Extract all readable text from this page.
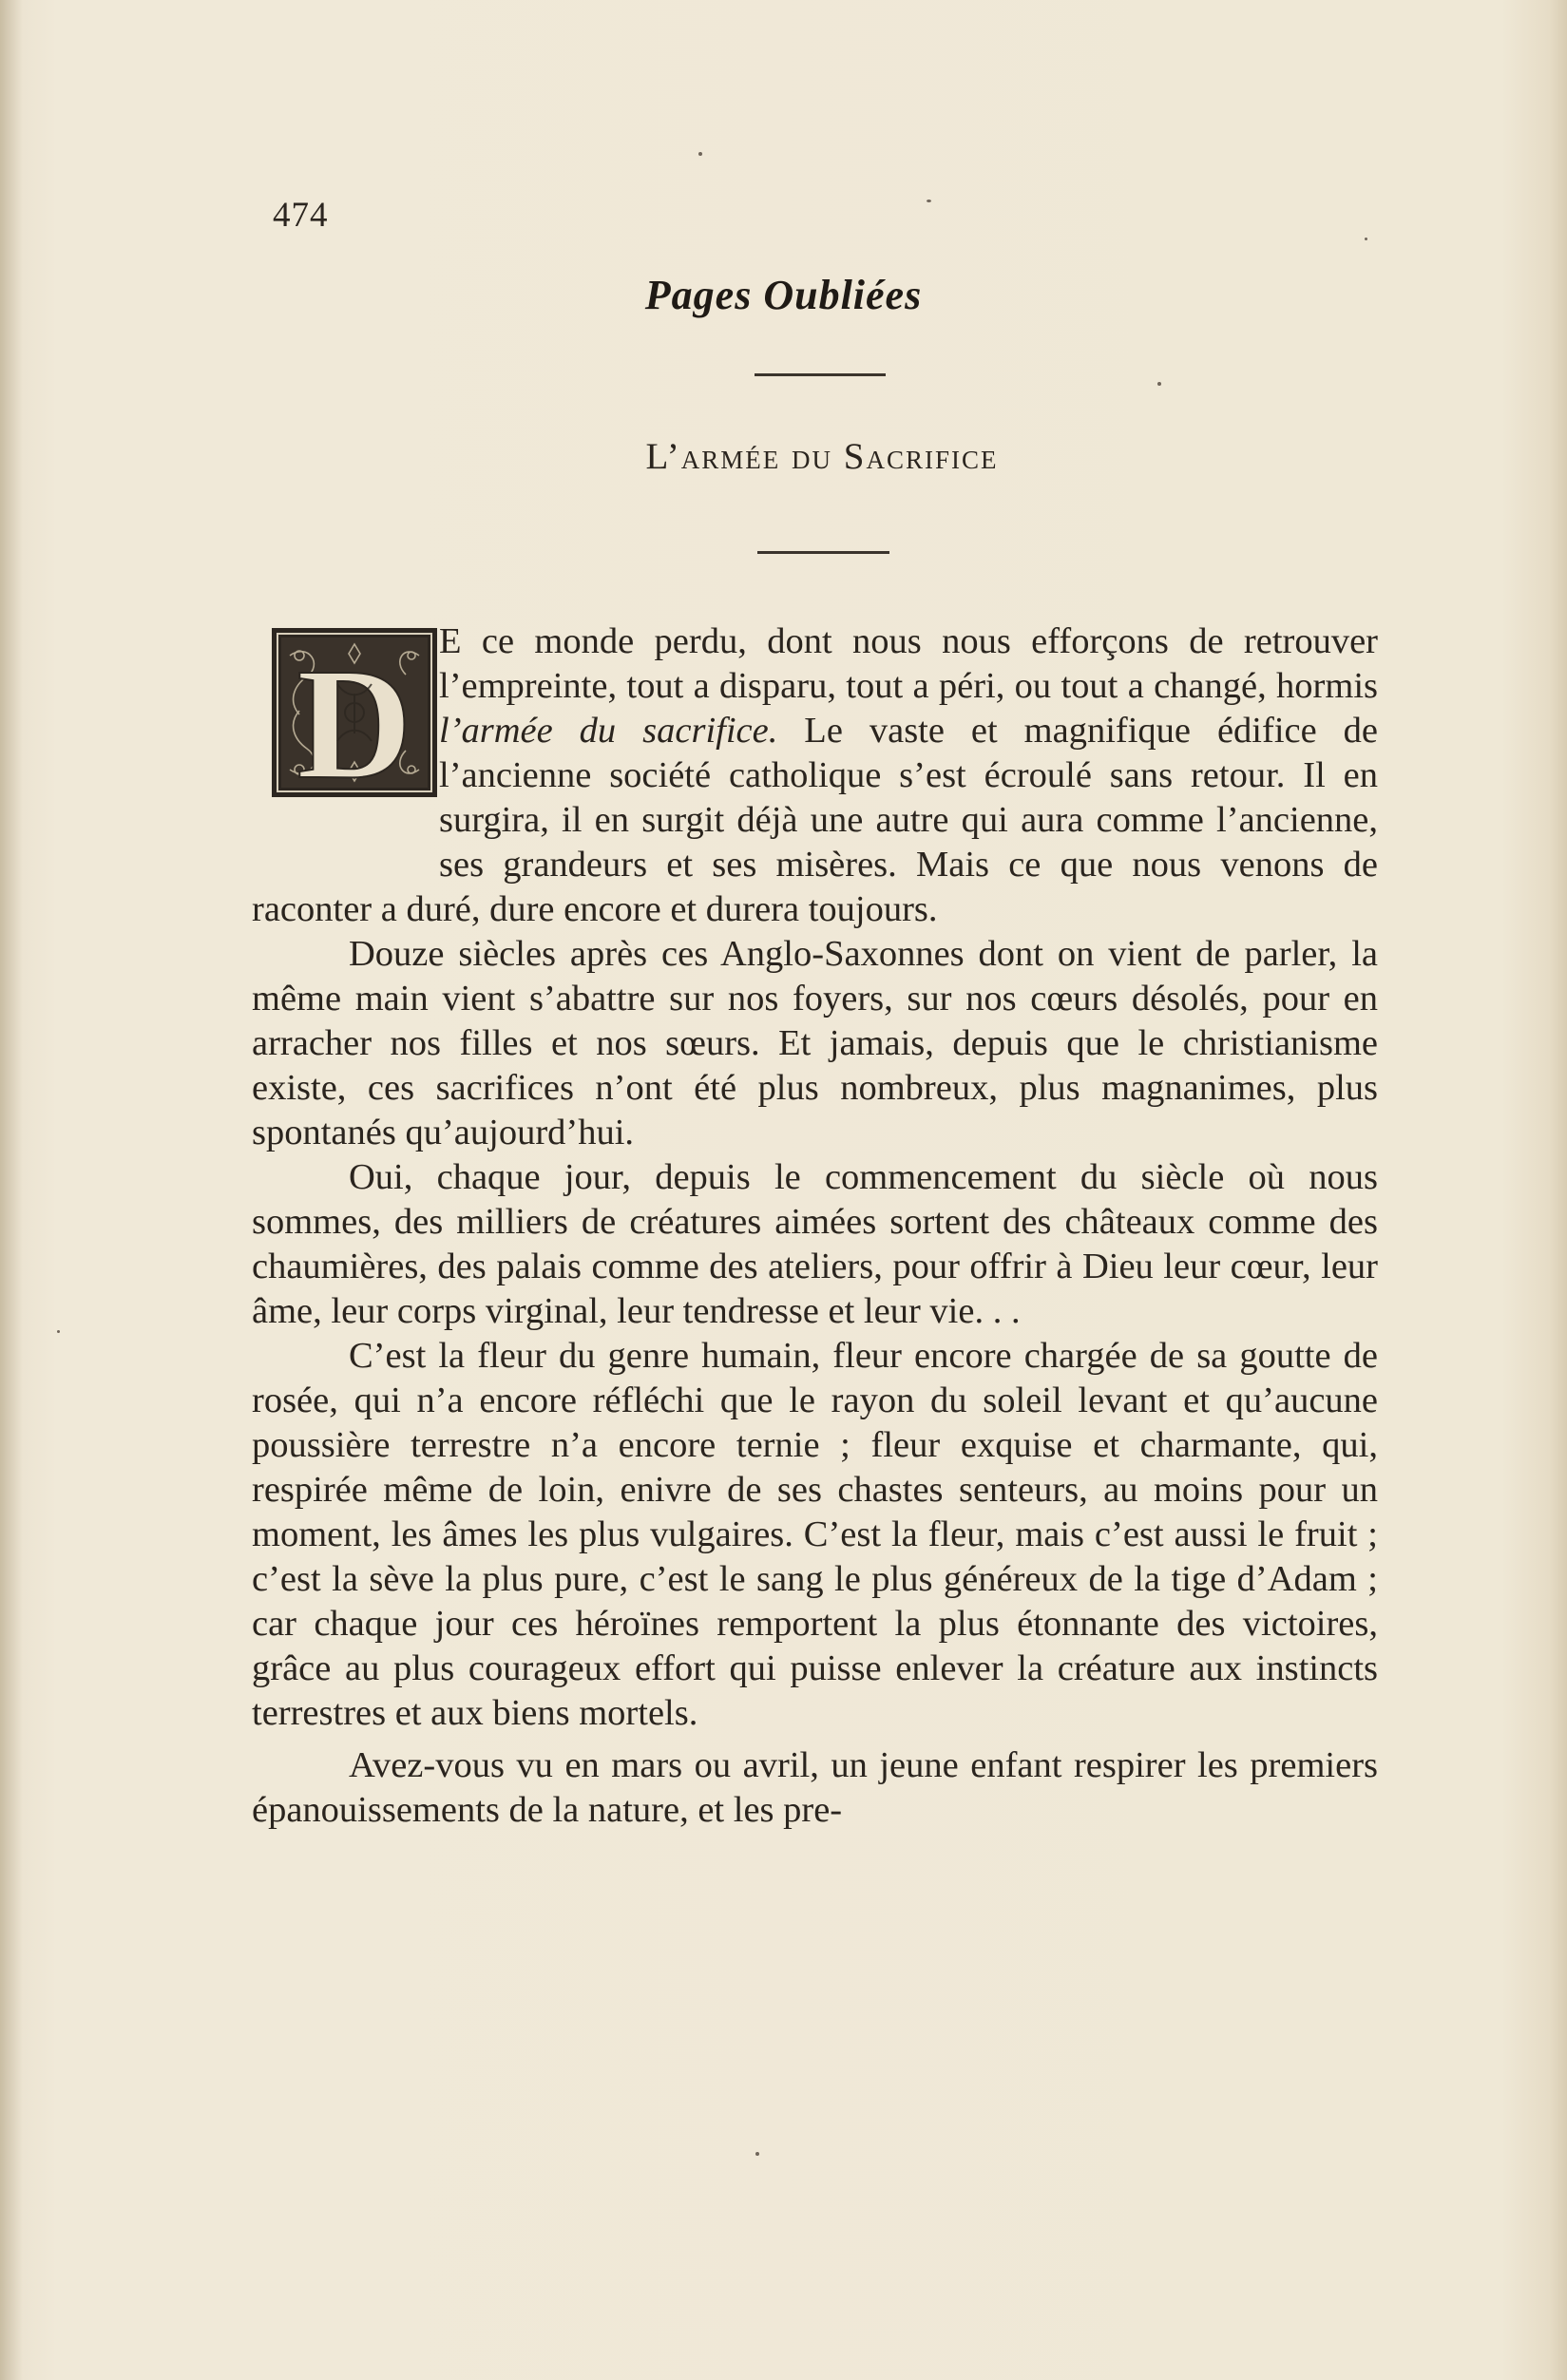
474
Pages Oubliées
L’armée du Sacrifice
D E ce monde perdu, dont nous nous efforçons de retrouver l’empreinte, tout a disparu, tout a péri, ou tout a changé, hormis l’armée du sacrifice. Le vaste et magnifique édifice de l’ancienne société catholique s’est écroulé sans retour. Il en surgira, il en surgit déjà une autre qui aura comme l’ancienne, ses grandeurs et ses misères. Mais ce que nous venons de raconter a duré, dure encore et durera toujours.

Douze siècles après ces Anglo-Saxonnes dont on vient de parler, la même main vient s’abattre sur nos foyers, sur nos cœurs désolés, pour en arracher nos filles et nos sœurs. Et jamais, depuis que le christianisme existe, ces sacrifices n’ont été plus nombreux, plus magnanimes, plus spontanés qu’aujourd’hui.

Oui, chaque jour, depuis le commencement du siècle où nous sommes, des milliers de créatures aimées sortent des châteaux comme des chaumières, des palais comme des ateliers, pour offrir à Dieu leur cœur, leur âme, leur corps virginal, leur tendresse et leur vie. . .

C’est la fleur du genre humain, fleur encore chargée de sa goutte de rosée, qui n’a encore réfléchi que le rayon du soleil levant et qu’aucune poussière terrestre n’a encore ternie ; fleur exquise et charmante, qui, respirée même de loin, enivre de ses chastes senteurs, au moins pour un moment, les âmes les plus vulgaires. C’est la fleur, mais c’est aussi le fruit ; c’est la sève la plus pure, c’est le sang le plus généreux de la tige d’Adam ; car chaque jour ces héroïnes remportent la plus étonnante des victoires, grâce au plus courageux effort qui puisse enlever la créature aux instincts terrestres et aux biens mortels.

Avez-vous vu en mars ou avril, un jeune enfant respirer les premiers épanouissements de la nature, et les pre-
